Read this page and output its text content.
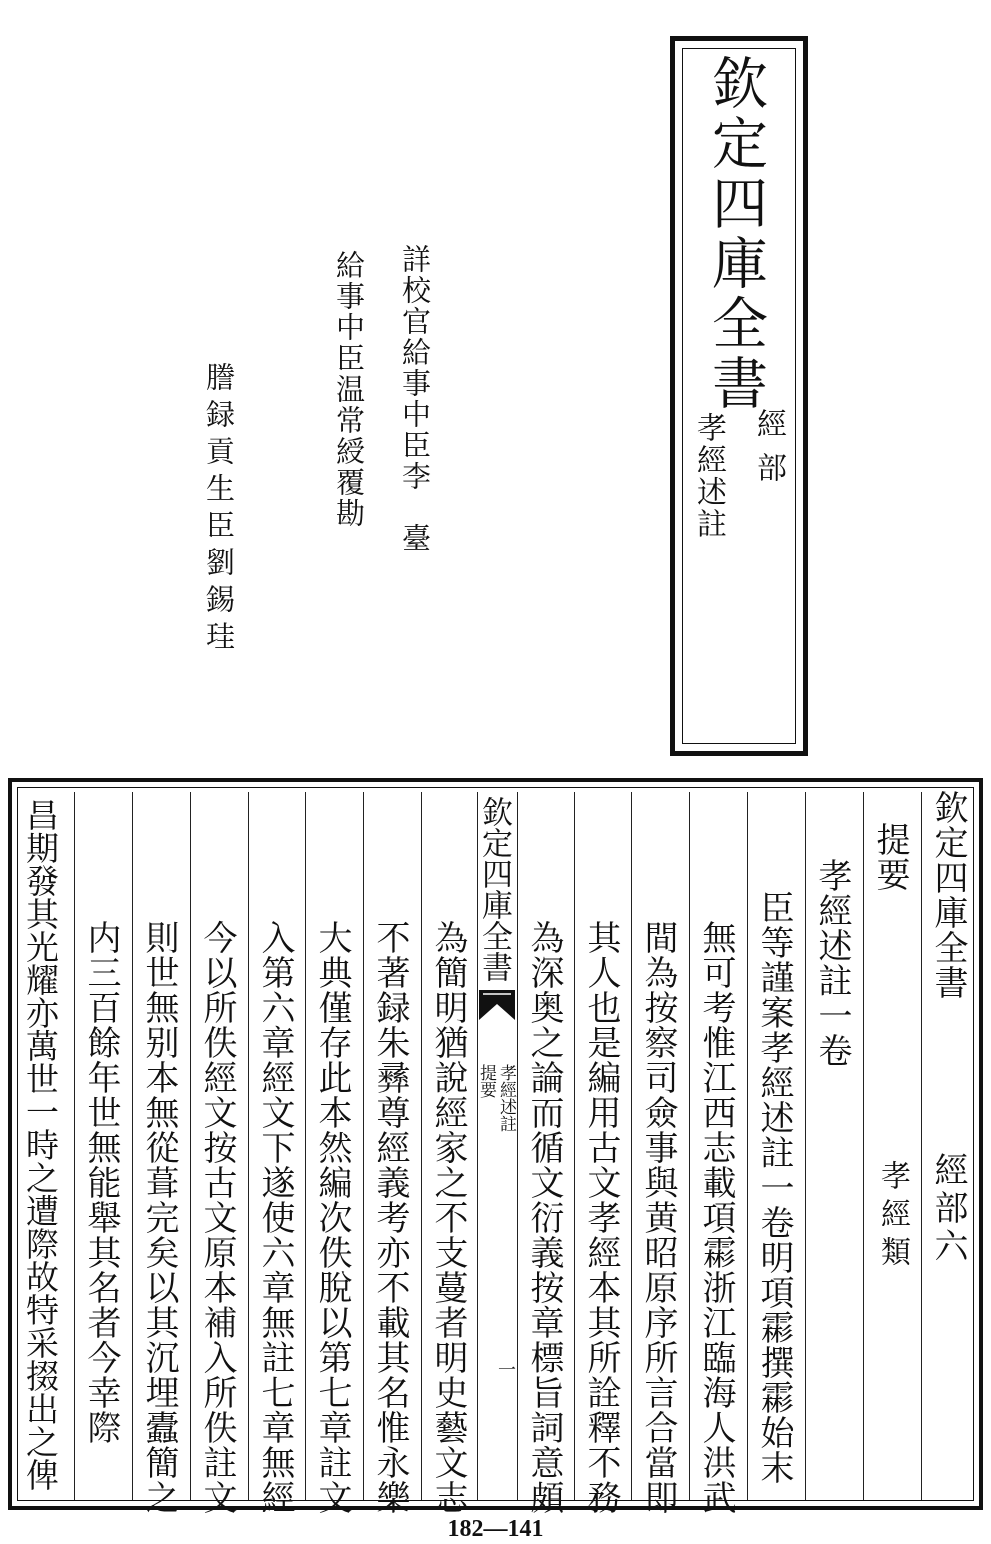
欽定四庫全書
經部
孝經述註
詳校官給事中臣李　臺
給事中臣温常綬覆勘
謄録貢生臣劉錫珪
欽定四庫全書
經部六
提要
孝經類
孝經述註一卷
臣等謹案孝經述註一卷明項霦撰霦始末
無可考惟江西志載項霦浙江臨海人洪武
間為按察司僉事與黄昭原序所言合當即
其人也是編用古文孝經本其所詮釋不務
為深奥之論而循文衍義按章標旨詞意頗
欽定四庫全書
孝經述註
提要
一
為簡明猶說經家之不支蔓者明史藝文志
不著録朱彞尊經義考亦不載其名惟永樂
大典僅存此本然編次佚脫以第七章註文
入第六章經文下遂使六章無註七章無經
今以所佚經文按古文原本補入所佚註文
則世無别本無從葺完矣以其沉埋蠹簡之
内三百餘年世無能舉其名者今幸際
昌期發其光耀亦萬世一時之遭際故特采掇出之俾
182—141
